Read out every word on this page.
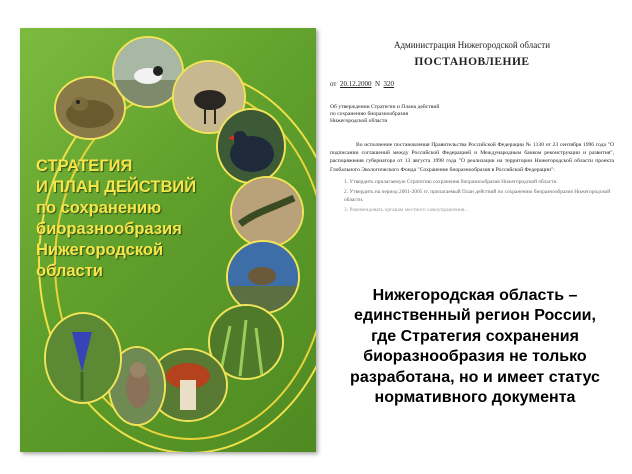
СТРАТЕГИЯ
И ПЛАН ДЕЙСТВИЙ
по сохранению
биоразнообразия
Нижегородской
области
Администрация Нижегородской области
ПОСТАНОВЛЕНИЕ
от 20.12.2000 N 320
Об утверждении Стратегии и Плана действий
по сохранению биоразнообразия
Нижегородской области
Во исполнение постановления Правительства Российской Федерации № 1130 от 23 сентября 1996 года "О подписании соглашений между Российской Федерацией и Международным банком реконструкции и развития", распоряжения губернатора от 13 августа 1998 года "О реализации на территории Нижегородской области проекта Глобального Экологического Фонда "Сохранение биоразнообразия в Российской Федерации":
1. Утвердить прилагаемую Стратегию сохранения биоразнообразия Нижегородской области.
2. Утвердить на период 2001-2005 гг. прилагаемый План действий по сохранению биоразнообразия Нижегородской области.
3. Рекомендовать органам местного самоуправления...
Нижегородская область –
единственный регион России,
где Стратегия сохранения
биоразнообразия не только
разработана, но и имеет статус
нормативного документа
